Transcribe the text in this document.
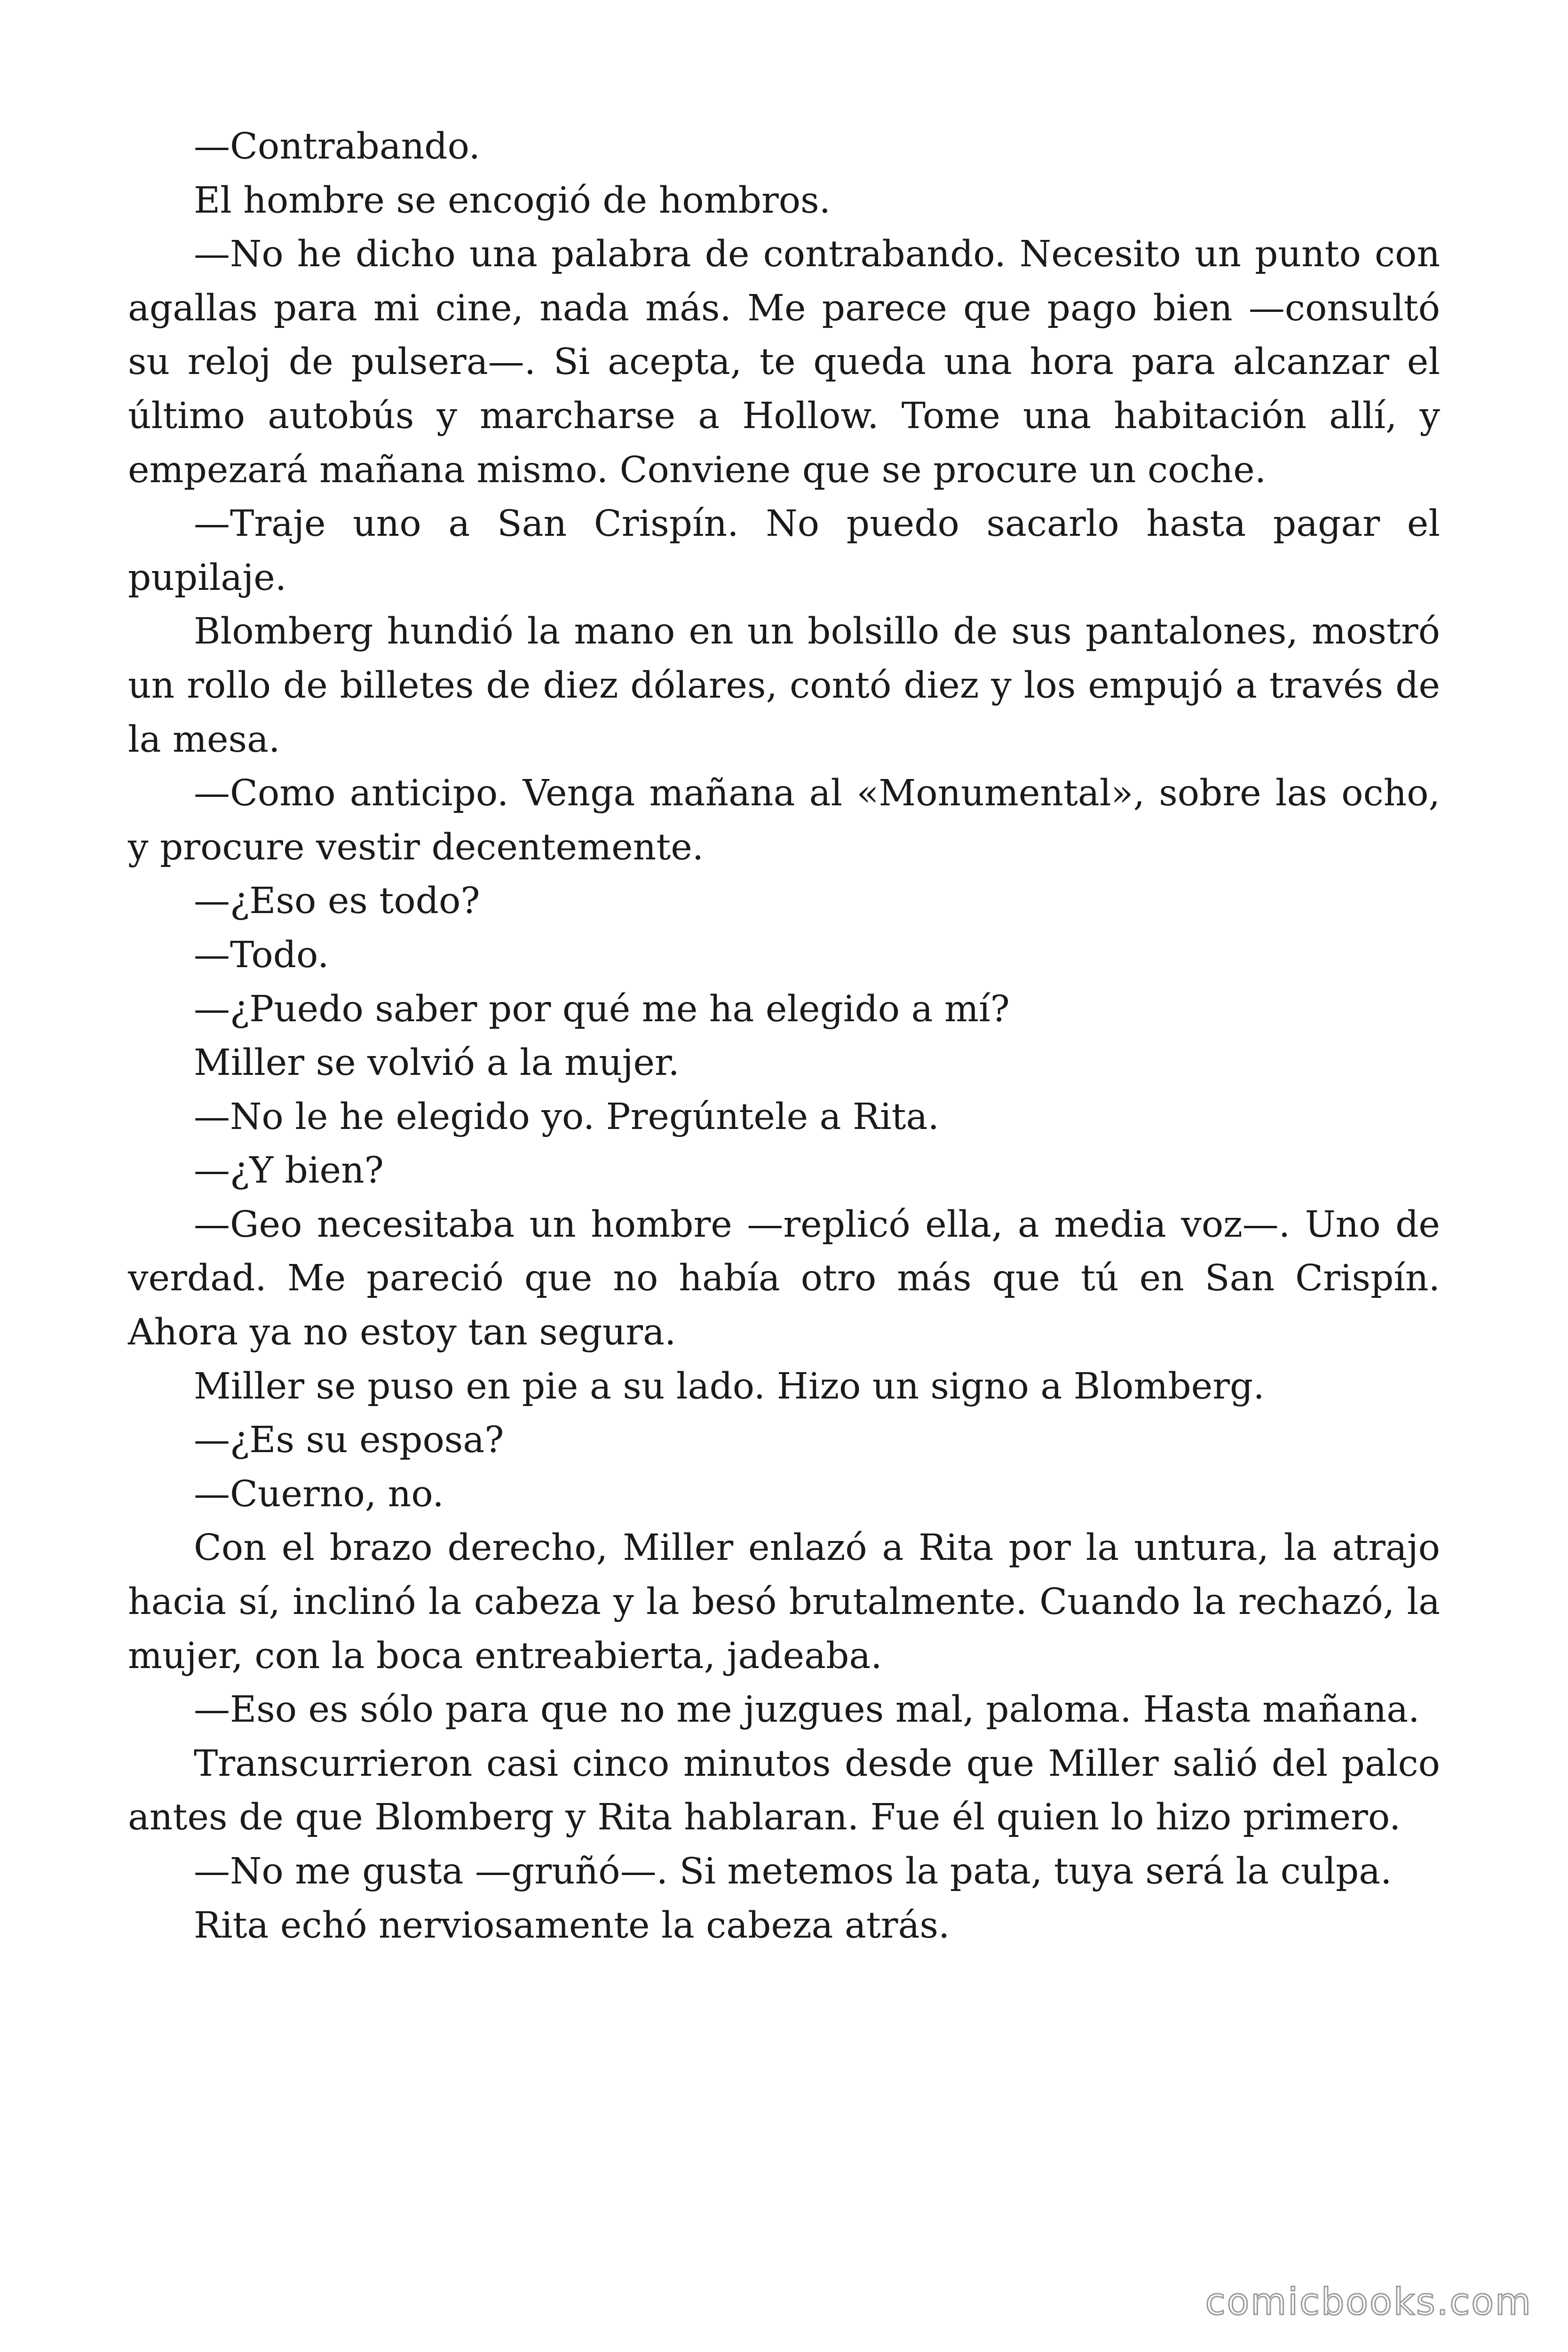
—Contrabando.

El hombre se encogió de hombros.

—No he dicho una palabra de contrabando. Necesito un punto con agallas para mi cine, nada más. Me parece que pago bien —consultó su reloj de pulsera—. Si acepta, te queda una hora para alcanzar el último autobús y marcharse a Hollow. Tome una habitación allí, y empezará mañana mismo. Conviene que se procure un coche.

—Traje uno a San Crispín. No puedo sacarlo hasta pagar el pupilaje.

Blomberg hundió la mano en un bolsillo de sus pantalones, mostró un rollo de billetes de diez dólares, contó diez y los empujó a través de la mesa.

—Como anticipo. Venga mañana al «Monumental», sobre las ocho, y procure vestir decentemente.

—¿Eso es todo?

—Todo.

—¿Puedo saber por qué me ha elegido a mí?

Miller se volvió a la mujer.

—No le he elegido yo. Pregúntele a Rita.

—¿Y bien?

—Geo necesitaba un hombre —replicó ella, a media voz—. Uno de verdad. Me pareció que no había otro más que tú en San Crispín. Ahora ya no estoy tan segura.

Miller se puso en pie a su lado. Hizo un signo a Blomberg.

—¿Es su esposa?

—Cuerno, no.

Con el brazo derecho, Miller enlazó a Rita por la untura, la atrajo hacia sí, inclinó la cabeza y la besó brutalmente. Cuando la rechazó, la mujer, con la boca entreabierta, jadeaba.

—Eso es sólo para que no me juzgues mal, paloma. Hasta mañana.

Transcurrieron casi cinco minutos desde que Miller salió del palco antes de que Blomberg y Rita hablaran. Fue él quien lo hizo primero.

—No me gusta —gruñó—. Si metemos la pata, tuya será la culpa.

Rita echó nerviosamente la cabeza atrás.

comicbooks.com
